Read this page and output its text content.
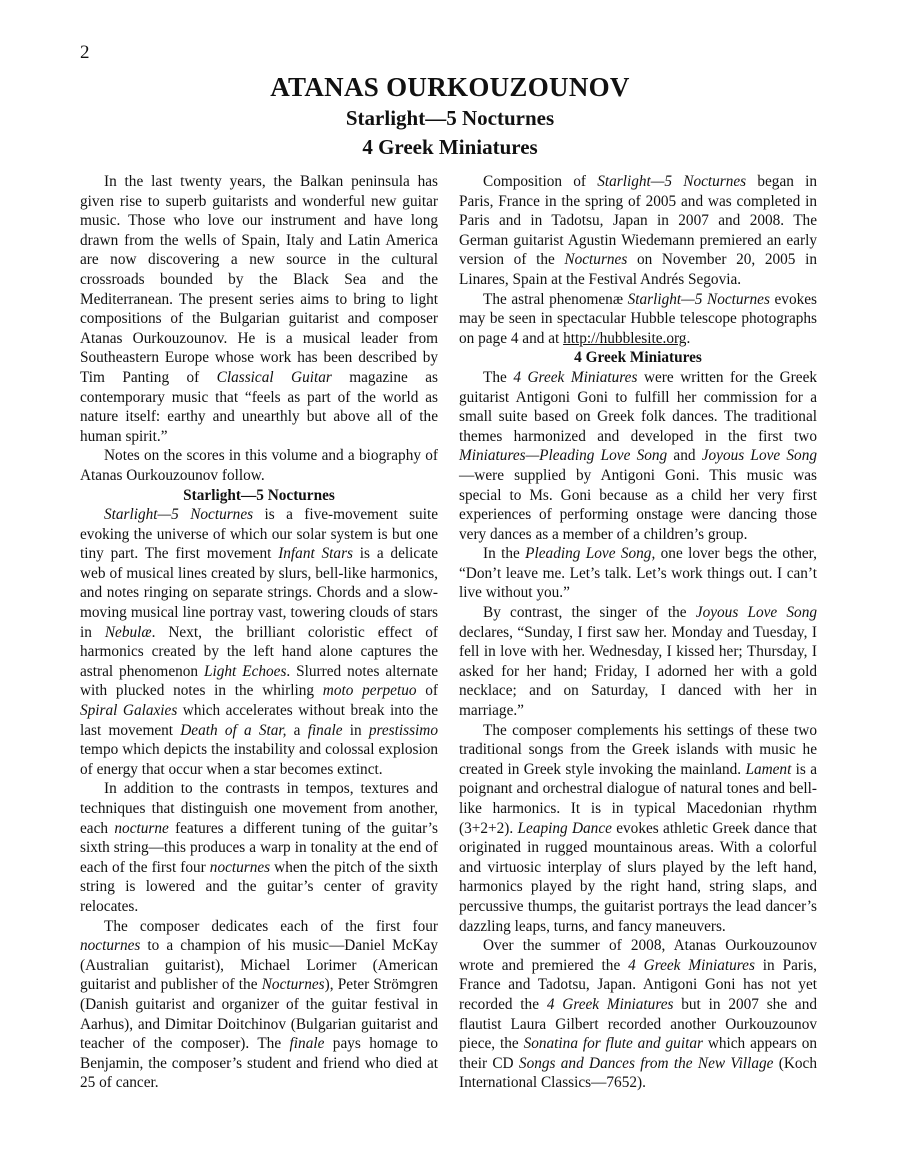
2
ATANAS OURKOUZOUNOV
Starlight—5 Nocturnes
4 Greek Miniatures

In the last twenty years, the Balkan peninsula has given rise to superb guitarists and wonderful new guitar music. Those who love our instrument and have long drawn from the wells of Spain, Italy and Latin America are now discovering a new source in the cultural crossroads bounded by the Black Sea and the Mediterranean. The present series aims to bring to light compositions of the Bulgarian guitarist and composer Atanas Ourkouzounov. He is a musical leader from Southeastern Europe whose work has been described by Tim Panting of Classical Guitar magazine as contemporary music that “feels as part of the world as nature itself: earthy and unearthly but above all of the human spirit.”

Notes on the scores in this volume and a biography of Atanas Ourkouzounov follow.

Starlight—5 Nocturnes

Starlight—5 Nocturnes is a five-movement suite evoking the universe of which our solar system is but one tiny part. The first movement Infant Stars is a delicate web of musical lines created by slurs, bell-like harmonics, and notes ringing on separate strings. Chords and a slow-moving musical line portray vast, towering clouds of stars in Nebulæ. Next, the brilliant coloristic effect of harmonics created by the left hand alone captures the astral phenomenon Light Echoes. Slurred notes alternate with plucked notes in the whirling moto perpetuo of Spiral Galaxies which accelerates without break into the last movement Death of a Star, a finale in prestissimo tempo which depicts the instability and colossal explosion of energy that occur when a star becomes extinct.

In addition to the contrasts in tempos, textures and techniques that distinguish one movement from another, each nocturne features a different tuning of the guitar’s sixth string—this produces a warp in tonality at the end of each of the first four nocturnes when the pitch of the sixth string is lowered and the guitar’s center of gravity relocates.

The composer dedicates each of the first four nocturnes to a champion of his music—Daniel McKay (Australian guitarist), Michael Lorimer (American guitarist and publisher of the Nocturnes), Peter Strömgren (Danish guitarist and organizer of the guitar festival in Aarhus), and Dimitar Doitchinov (Bulgarian guitarist and teacher of the composer). The finale pays homage to Benjamin, the composer’s student and friend who died at 25 of cancer.

Composition of Starlight—5 Nocturnes began in Paris, France in the spring of 2005 and was completed in Paris and in Tadotsu, Japan in 2007 and 2008. The German guitarist Agustin Wiedemann premiered an early version of the Nocturnes on November 20, 2005 in Linares, Spain at the Festival Andrés Segovia.

The astral phenomenæ Starlight—5 Nocturnes evokes may be seen in spectacular Hubble telescope photographs on page 4 and at http://hubblesite.org.

4 Greek Miniatures

The 4 Greek Miniatures were written for the Greek guitarist Antigoni Goni to fulfill her commission for a small suite based on Greek folk dances. The traditional themes harmonized and developed in the first two Miniatures—Pleading Love Song and Joyous Love Song—were supplied by Antigoni Goni. This music was special to Ms. Goni because as a child her very first experiences of performing onstage were dancing those very dances as a member of a children’s group.

In the Pleading Love Song, one lover begs the other, “Don’t leave me. Let’s talk. Let’s work things out. I can’t live without you.”

By contrast, the singer of the Joyous Love Song declares, “Sunday, I first saw her. Monday and Tuesday, I fell in love with her. Wednesday, I kissed her; Thursday, I asked for her hand; Friday, I adorned her with a gold necklace; and on Saturday, I danced with her in marriage.”

The composer complements his settings of these two traditional songs from the Greek islands with music he created in Greek style invoking the mainland. Lament is a poignant and orchestral dialogue of natural tones and bell-like harmonics. It is in typical Macedonian rhythm (3+2+2). Leaping Dance evokes athletic Greek dance that originated in rugged mountainous areas. With a colorful and virtuosic interplay of slurs played by the left hand, harmonics played by the right hand, string slaps, and percussive thumps, the guitarist portrays the lead dancer’s dazzling leaps, turns, and fancy maneuvers.

Over the summer of 2008, Atanas Ourkouzounov wrote and premiered the 4 Greek Miniatures in Paris, France and Tadotsu, Japan. Antigoni Goni has not yet recorded the 4 Greek Miniatures but in 2007 she and flautist Laura Gilbert recorded another Ourkouzounov piece, the Sonatina for flute and guitar which appears on their CD Songs and Dances from the New Village (Koch International Classics—7652).
